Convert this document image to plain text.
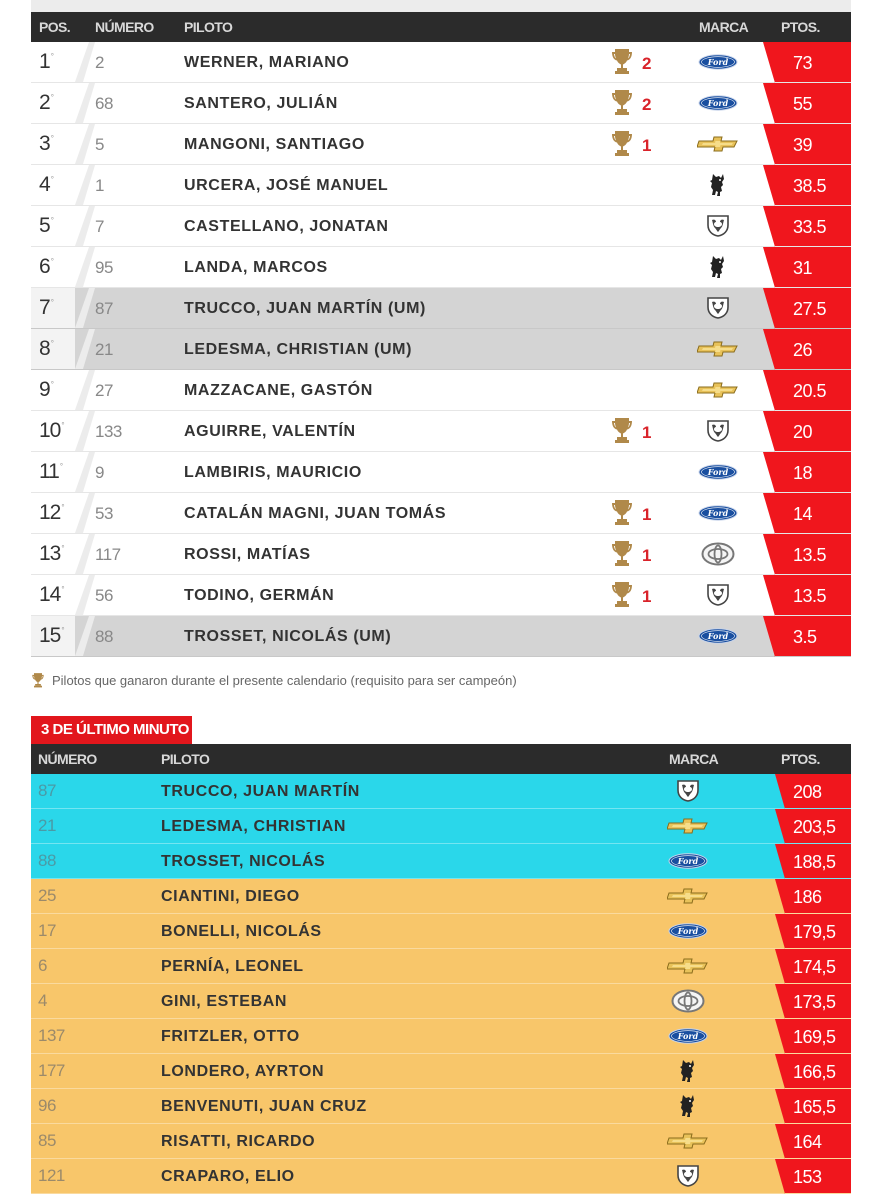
POS. NÚMERO PILOTO	MARCA PTOS.
1° 2	WERNER, MARIANO	2	Ford	73
2° 68	SANTERO, JULIÁN	2	Ford	55
3° 5	MANGONI, SANTIAGO	1	39
4° 1	URCERA, JOSÉ MANUEL	38.5
5° 7	CASTELLANO, JONATAN	33.5
6° 95	LANDA, MARCOS	31
7° 87	TRUCCO, JUAN MARTÍN (UM)	27.5
8° 21	LEDESMA, CHRISTIAN (UM)	26
9° 27	MAZZACANE, GASTÓN	20.5
10° 133	AGUIRRE, VALENTÍN	1	20
11° 9	LAMBIRIS, MAURICIO	Ford	18
12° 53	CATALÁN MAGNI, JUAN TOMÁS	1	Ford	14
13° 117	ROSSI, MATÍAS	1	13.5
14° 56	TODINO, GERMÁN	1	13.5
15° 88	TROSSET, NICOLÁS (UM)	Ford	3.5
Pilotos que ganaron durante el presente calendario (requisito para ser campeón)
3 DE ÚLTIMO MINUTO
NÚMERO	PILOTO	MARCA	PTOS.
87	TRUCCO, JUAN MARTÍN	208
21	LEDESMA, CHRISTIAN	203,5
88	TROSSET, NICOLÁS	Ford	188,5
25	CIANTINI, DIEGO	186
17	BONELLI, NICOLÁS	Ford	179,5
6	PERNÍA, LEONEL	174,5
4	GINI, ESTEBAN	173,5
137	FRITZLER, OTTO	Ford	169,5
177	LONDERO, AYRTON	166,5
96	BENVENUTI, JUAN CRUZ	165,5
85	RISATTI, RICARDO	164
121	CRAPARO, ELIO	153
